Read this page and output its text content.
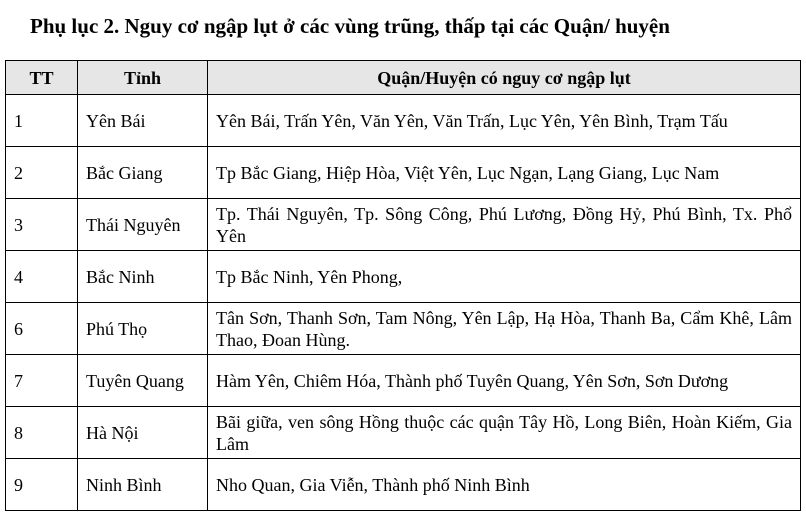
Phụ lục 2. Nguy cơ ngập lụt ở các vùng trũng, thấp tại các Quận/ huyện
TT	Tỉnh	Quận/Huyện có nguy cơ ngập lụt
1	Yên Bái	Yên Bái, Trấn Yên, Văn Yên, Văn Trấn, Lục Yên, Yên Bình, Trạm Tấu
2	Bắc Giang	Tp Bắc Giang, Hiệp Hòa, Việt Yên, Lục Ngạn, Lạng Giang, Lục Nam
3	Thái Nguyên	Tp. Thái Nguyên, Tp. Sông Công, Phú Lương, Đồng Hỷ, Phú Bình, Tx. Phổ Yên
4	Bắc Ninh	Tp Bắc Ninh, Yên Phong,
6	Phú Thọ	Tân Sơn, Thanh Sơn, Tam Nông, Yên Lập, Hạ Hòa, Thanh Ba, Cẩm Khê, Lâm Thao, Đoan Hùng.
7	Tuyên Quang	Hàm Yên, Chiêm Hóa, Thành phố Tuyên Quang, Yên Sơn, Sơn Dương
8	Hà Nội	Bãi giữa, ven sông Hồng thuộc các quận Tây Hồ, Long Biên, Hoàn Kiếm, Gia Lâm
9	Ninh Bình	Nho Quan, Gia Viễn, Thành phố Ninh Bình
